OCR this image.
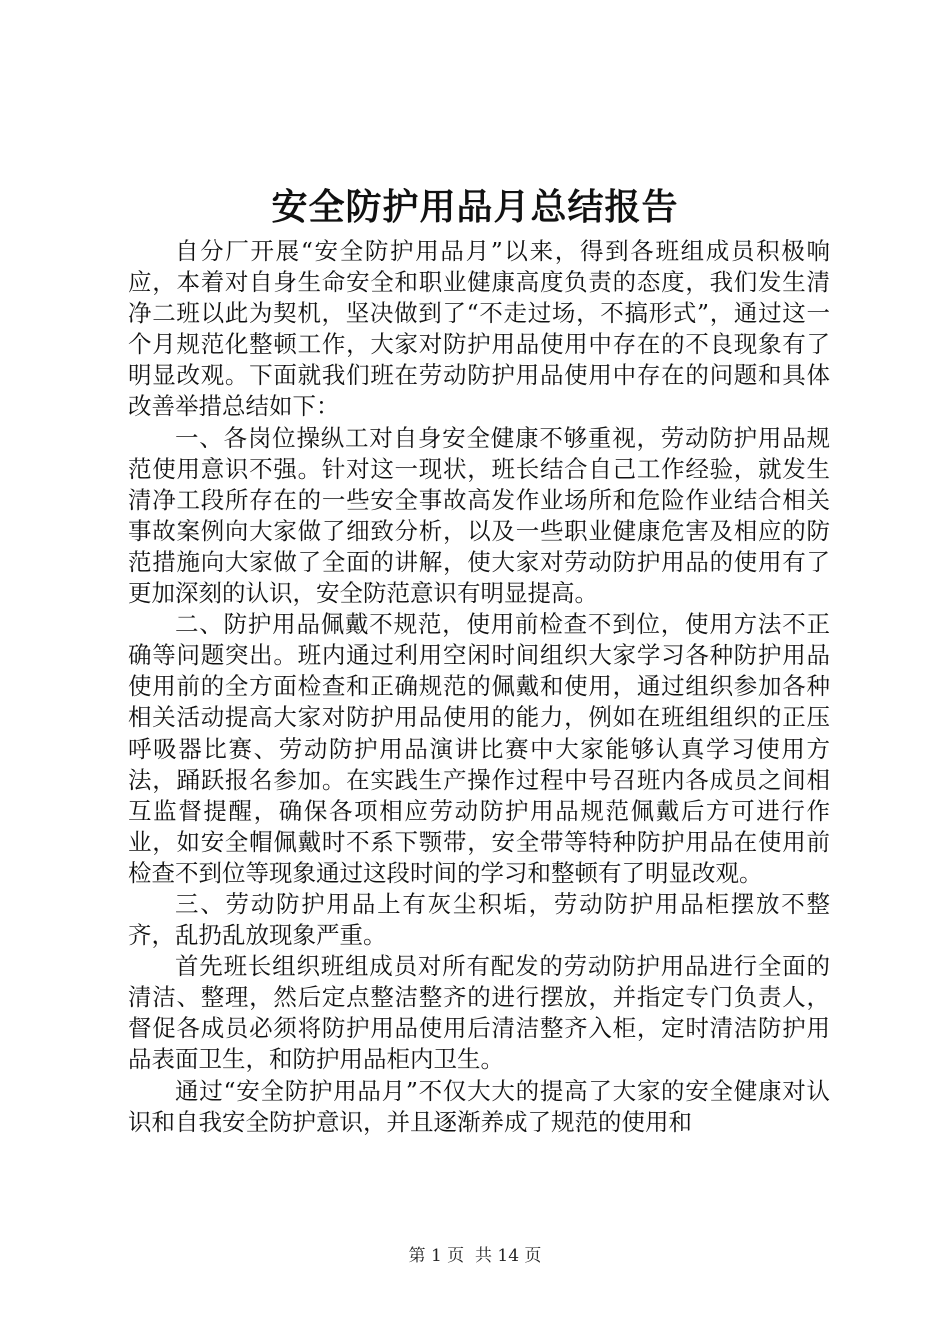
安全防护用品月总结报告

自分厂开展“安全防护用品月”以来，得到各班组成员积极响应，本着对自身生命安全和职业健康高度负责的态度，我们发生清净二班以此为契机，坚决做到了“不走过场，不搞形式”，通过这一个月规范化整顿工作，大家对防护用品使用中存在的不良现象有了明显改观。下面就我们班在劳动防护用品使用中存在的问题和具体改善举措总结如下：

一、各岗位操纵工对自身安全健康不够重视，劳动防护用品规范使用意识不强。针对这一现状，班长结合自己工作经验，就发生清净工段所存在的一些安全事故高发作业场所和危险作业结合相关事故案例向大家做了细致分析，以及一些职业健康危害及相应的防范措施向大家做了全面的讲解，使大家对劳动防护用品的使用有了更加深刻的认识，安全防范意识有明显提高。

二、防护用品佩戴不规范，使用前检查不到位，使用方法不正确等问题突出。班内通过利用空闲时间组织大家学习各种防护用品使用前的全方面检查和正确规范的佩戴和使用，通过组织参加各种相关活动提高大家对防护用品使用的能力，例如在班组组织的正压呼吸器比赛、劳动防护用品演讲比赛中大家能够认真学习使用方法，踊跃报名参加。在实践生产操作过程中号召班内各成员之间相互监督提醒，确保各项相应劳动防护用品规范佩戴后方可进行作业，如安全帽佩戴时不系下颚带，安全带等特种防护用品在使用前检查不到位等现象通过这段时间的学习和整顿有了明显改观。

三、劳动防护用品上有灰尘积垢，劳动防护用品柜摆放不整齐，乱扔乱放现象严重。

首先班长组织班组成员对所有配发的劳动防护用品进行全面的清洁、整理，然后定点整洁整齐的进行摆放，并指定专门负责人，督促各成员必须将防护用品使用后清洁整齐入柜，定时清洁防护用品表面卫生，和防护用品柜内卫生。

通过“安全防护用品月”不仅大大的提高了大家的安全健康对认识和自我安全防护意识，并且逐渐养成了规范的使用和

第 1 页 共 14 页
